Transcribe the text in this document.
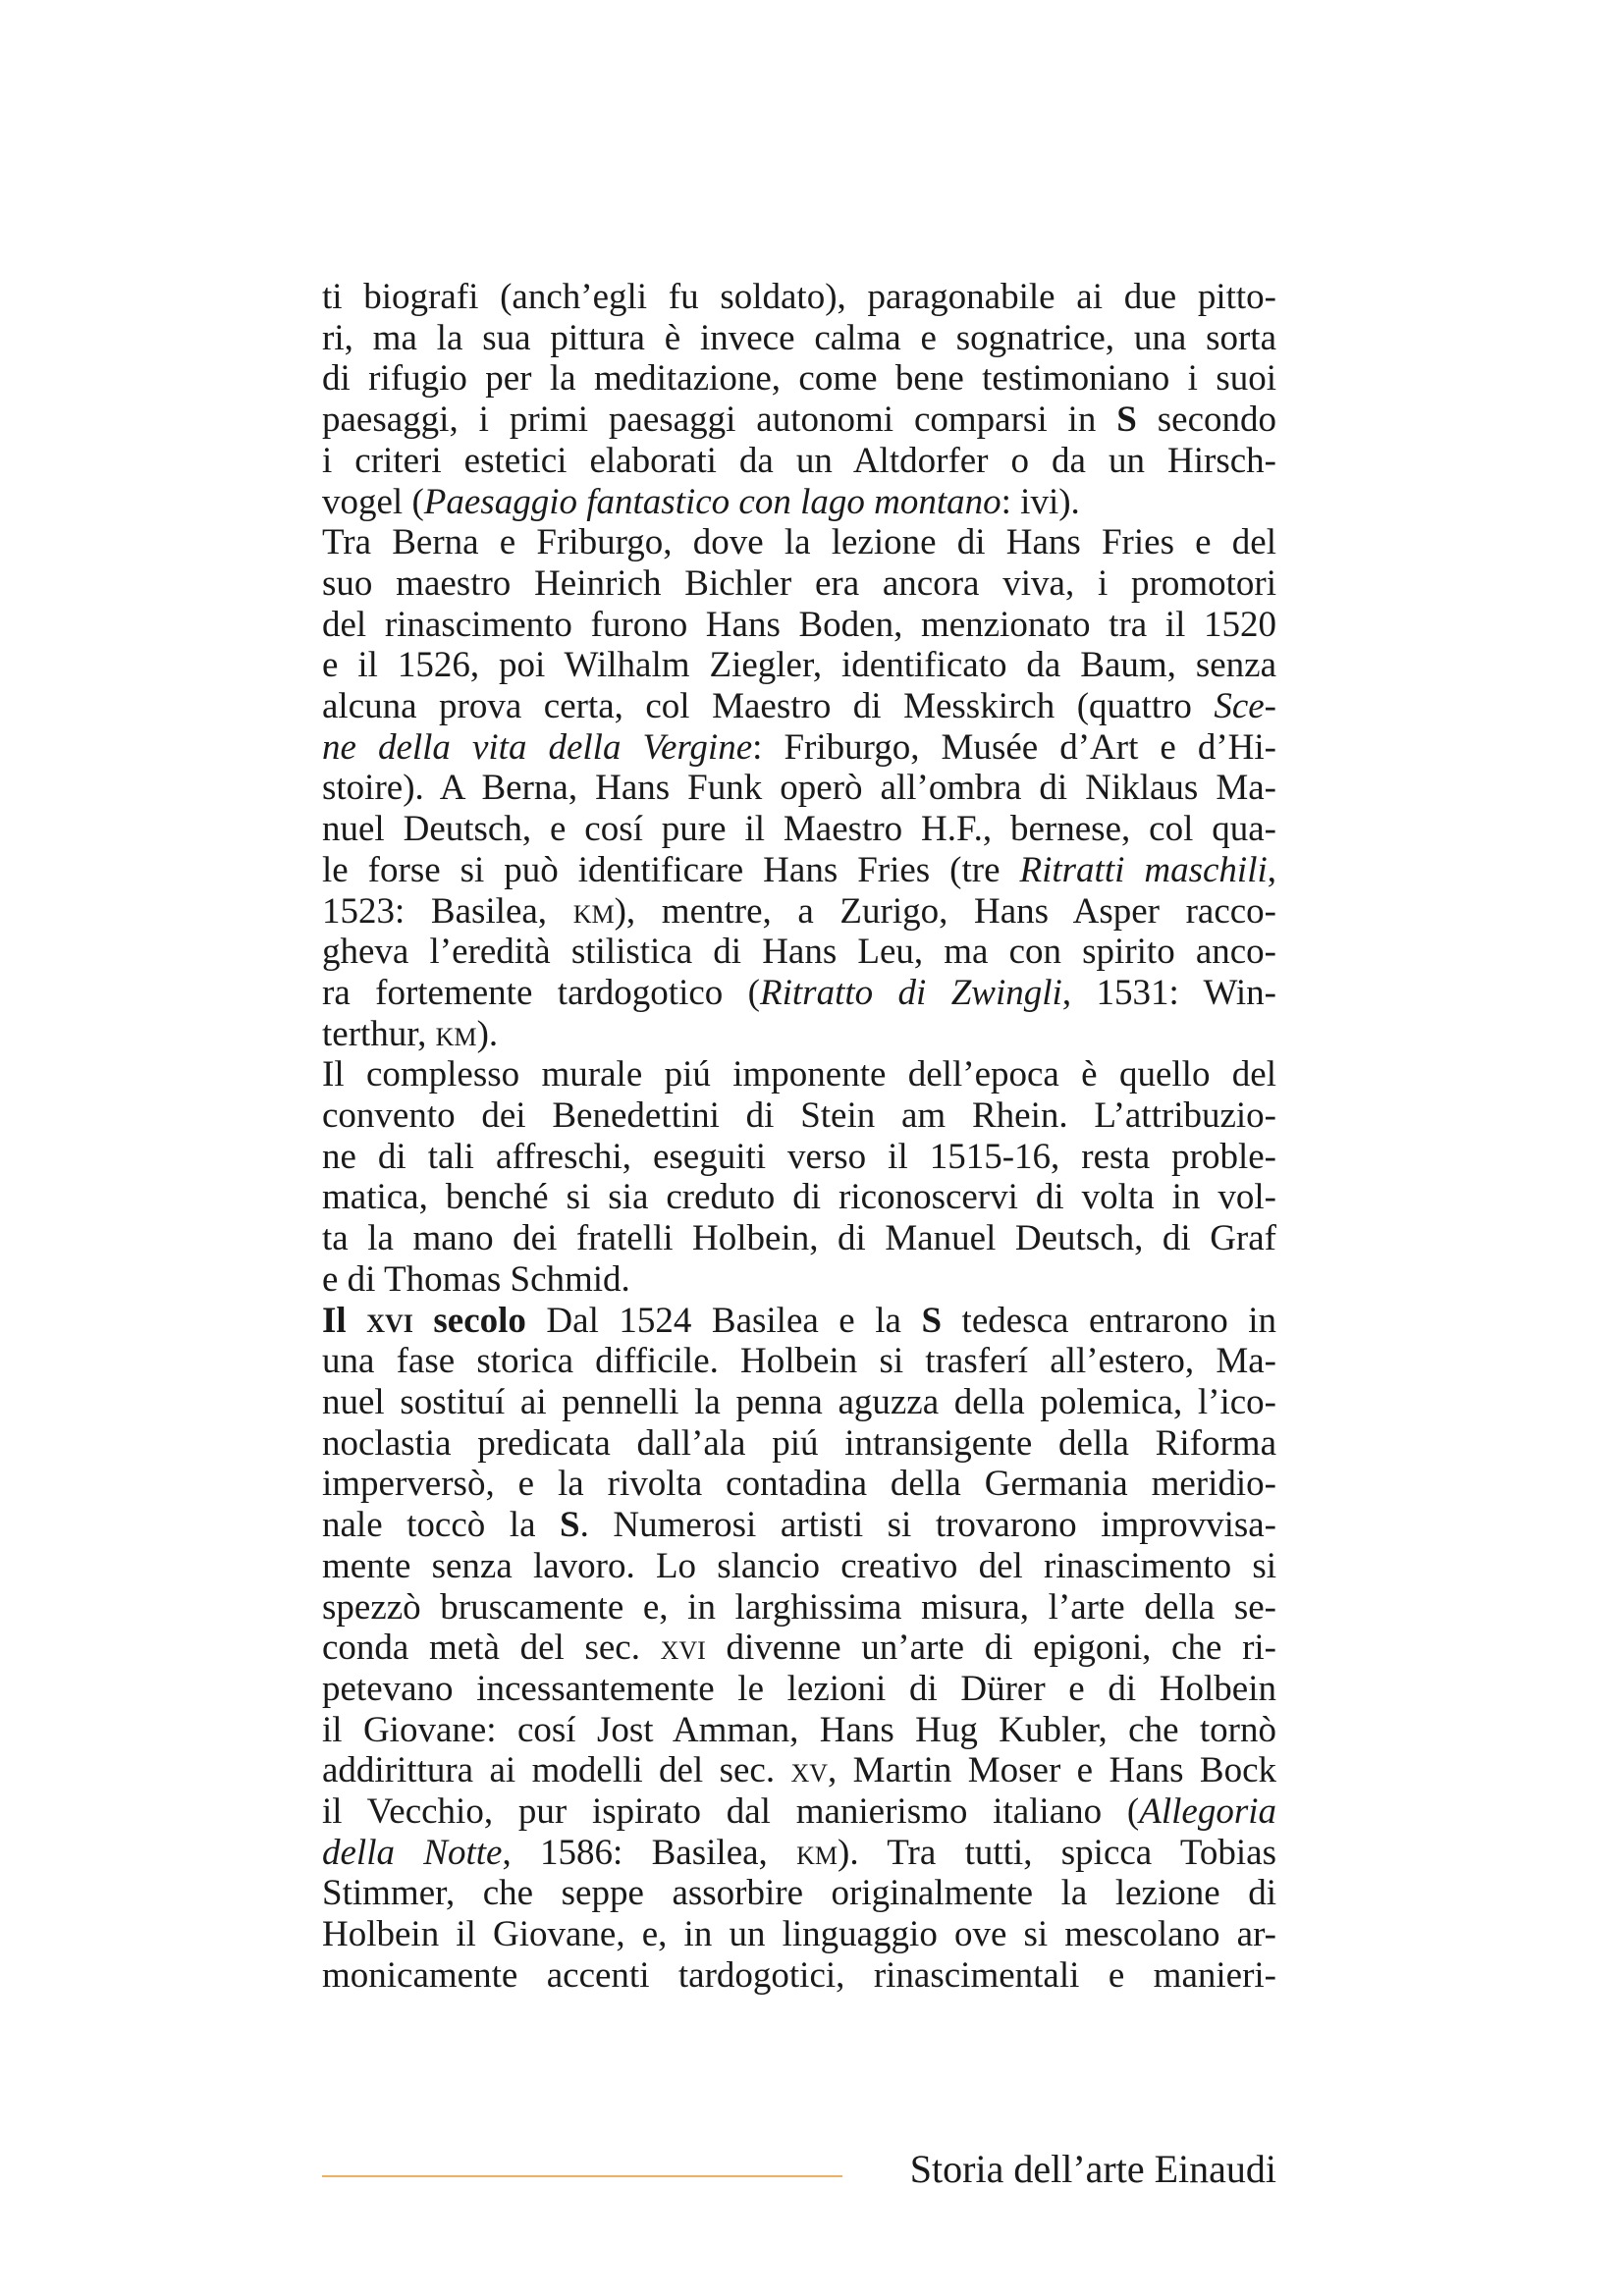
ti biografi (anch’egli fu soldato), paragonabile ai due pitto-
ri, ma la sua pittura è invece calma e sognatrice, una sorta
di rifugio per la meditazione, come bene testimoniano i suoi
paesaggi, i primi paesaggi autonomi comparsi in S secondo
i criteri estetici elaborati da un Altdorfer o da un Hirsch-
vogel (Paesaggio fantastico con lago montano: ivi).
Tra Berna e Friburgo, dove la lezione di Hans Fries e del
suo maestro Heinrich Bichler era ancora viva, i promotori
del rinascimento furono Hans Boden, menzionato tra il 1520
e il 1526, poi Wilhalm Ziegler, identificato da Baum, senza
alcuna prova certa, col Maestro di Messkirch (quattro Sce-
ne della vita della Vergine: Friburgo, Musée d’Art e d’Hi-
stoire). A Berna, Hans Funk operò all’ombra di Niklaus Ma-
nuel Deutsch, e cosí pure il Maestro H.F., bernese, col qua-
le forse si può identificare Hans Fries (tre Ritratti maschili,
1523: Basilea, km), mentre, a Zurigo, Hans Asper racco-
gheva l’eredità stilistica di Hans Leu, ma con spirito anco-
ra fortemente tardogotico (Ritratto di Zwingli, 1531: Win-
terthur, km).
Il complesso murale piú imponente dell’epoca è quello del
convento dei Benedettini di Stein am Rhein. L’attribuzio-
ne di tali affreschi, eseguiti verso il 1515-16, resta proble-
matica, benché si sia creduto di riconoscervi di volta in vol-
ta la mano dei fratelli Holbein, di Manuel Deutsch, di Graf
e di Thomas Schmid.
Il xvi secolo Dal 1524 Basilea e la S tedesca entrarono in
una fase storica difficile. Holbein si trasferí all’estero, Ma-
nuel sostituí ai pennelli la penna aguzza della polemica, l’ico-
noclastia predicata dall’ala piú intransigente della Riforma
imperversò, e la rivolta contadina della Germania meridio-
nale toccò la S. Numerosi artisti si trovarono improvvisa-
mente senza lavoro. Lo slancio creativo del rinascimento si
spezzò bruscamente e, in larghissima misura, l’arte della se-
conda metà del sec. xvi divenne un’arte di epigoni, che ri-
petevano incessantemente le lezioni di Dürer e di Holbein
il Giovane: cosí Jost Amman, Hans Hug Kubler, che tornò
addirittura ai modelli del sec. xv, Martin Moser e Hans Bock
il Vecchio, pur ispirato dal manierismo italiano (Allegoria
della Notte, 1586: Basilea, km). Tra tutti, spicca Tobias
Stimmer, che seppe assorbire originalmente la lezione di
Holbein il Giovane, e, in un linguaggio ove si mescolano ar-
monicamente accenti tardogotici, rinascimentali e manieri-
Storia dell’arte Einaudi
